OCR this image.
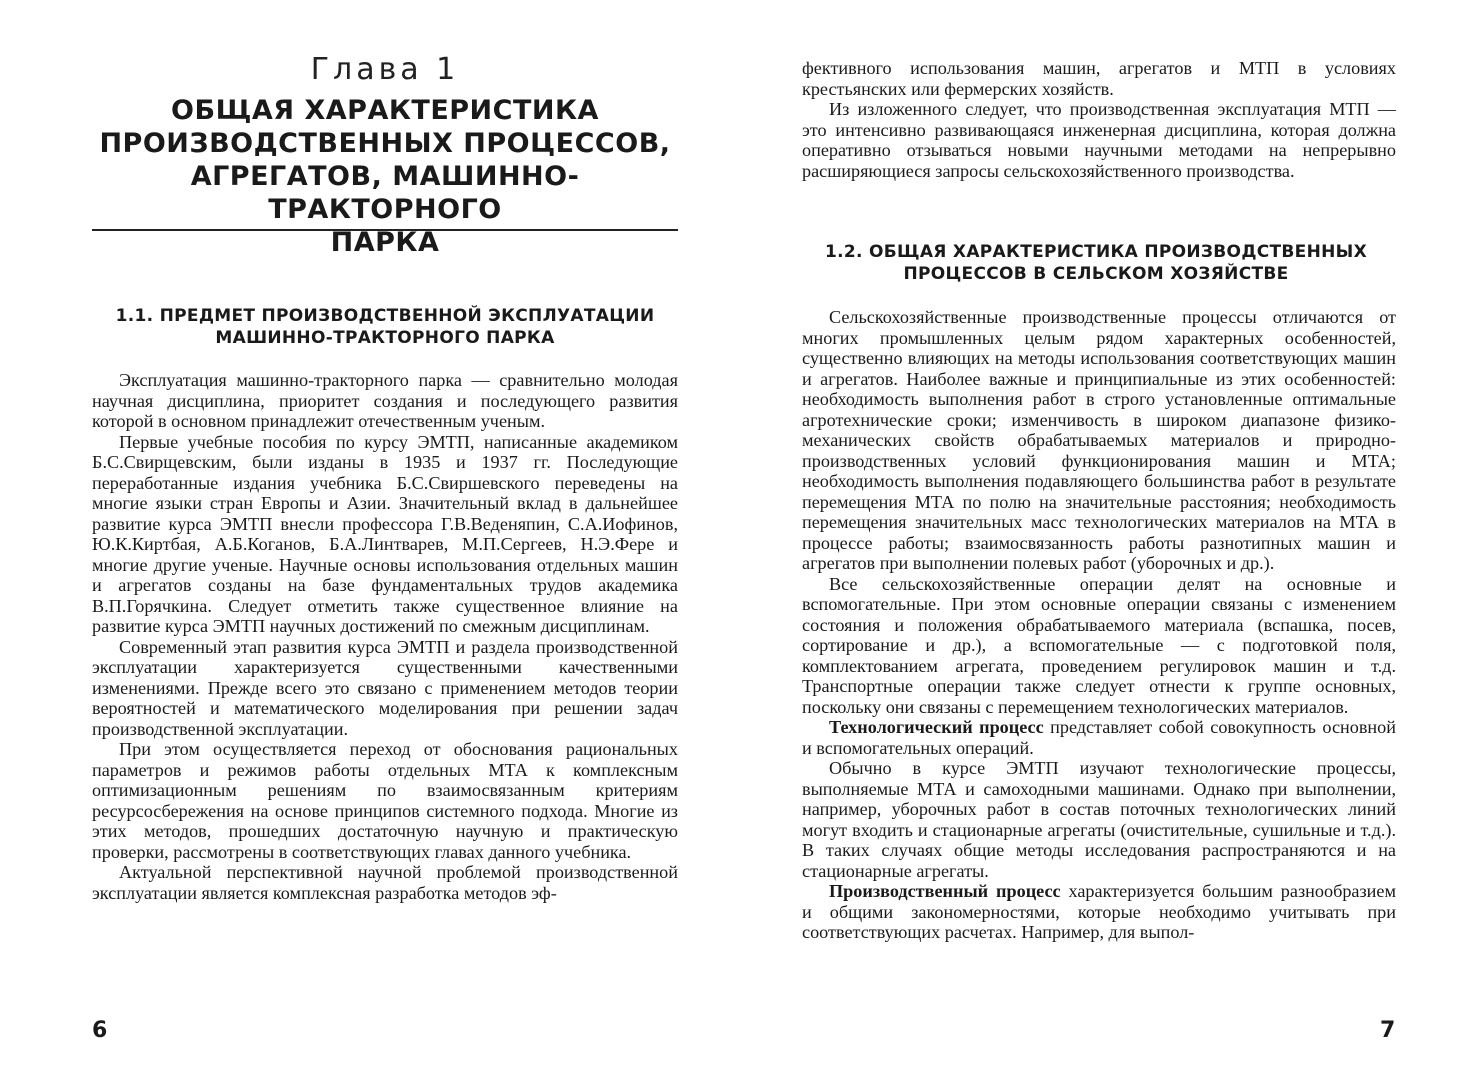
Глава 1
ОБЩАЯ ХАРАКТЕРИСТИКА
ПРОИЗВОДСТВЕННЫХ ПРОЦЕССОВ,
АГРЕГАТОВ, МАШИННО-ТРАКТОРНОГО
ПАРКА
1.1. ПРЕДМЕТ ПРОИЗВОДСТВЕННОЙ ЭКСПЛУАТАЦИИ
МАШИННО-ТРАКТОРНОГО ПАРКА

Эксплуатация машинно-тракторного парка — сравнительно молодая научная дисциплина, приоритет создания и последующего развития которой в основном принадлежит отечественным ученым.

Первые учебные пособия по курсу ЭМТП, написанные академиком Б.С.Свирщевским, были изданы в 1935 и 1937 гг. Последующие переработанные издания учебника Б.С.Свиршевского переведены на многие языки стран Европы и Азии. Значительный вклад в дальнейшее развитие курса ЭМТП внесли профессора Г.В.Веденяпин, С.А.Иофинов, Ю.К.Киртбая, А.Б.Коганов, Б.А.Линтварев, М.П.Сергеев, Н.Э.Фере и многие другие ученые. Научные основы использования отдельных машин и агрегатов созданы на базе фундаментальных трудов академика В.П.Горячкина. Следует отметить также существенное влияние на развитие курса ЭМТП научных достижений по смежным дисциплинам.

Современный этап развития курса ЭМТП и раздела производственной эксплуатации характеризуется существенными качественными изменениями. Прежде всего это связано с применением методов теории вероятностей и математического моделирования при решении задач производственной эксплуатации.

При этом осуществляется переход от обоснования рациональных параметров и режимов работы отдельных МТА к комплексным оптимизационным решениям по взаимосвязанным критериям ресурсосбережения на основе принципов системного подхода. Многие из этих методов, прошедших достаточную научную и практическую проверки, рассмотрены в соответствующих главах данного учебника.

Актуальной перспективной научной проблемой производственной эксплуатации является комплексная разработка методов эф-

6

фективного использования машин, агрегатов и МТП в условиях крестьянских или фермерских хозяйств.

Из изложенного следует, что производственная эксплуатация МТП — это интенсивно развивающаяся инженерная дисциплина, которая должна оперативно отзываться новыми научными методами на непрерывно расширяющиеся запросы сельскохозяйственного производства.

1.2. ОБЩАЯ ХАРАКТЕРИСТИКА ПРОИЗВОДСТВЕННЫХ
ПРОЦЕССОВ В СЕЛЬСКОМ ХОЗЯЙСТВЕ

Сельскохозяйственные производственные процессы отличаются от многих промышленных целым рядом характерных особенностей, существенно влияющих на методы использования соответствующих машин и агрегатов. Наиболее важные и принципиальные из этих особенностей: необходимость выполнения работ в строго установленные оптимальные агротехнические сроки; изменчивость в широком диапазоне физико-механических свойств обрабатываемых материалов и природно-производственных условий функционирования машин и МТА; необходимость выполнения подавляющего большинства работ в результате перемещения МТА по полю на значительные расстояния; необходимость перемещения значительных масс технологических материалов на МТА в процессе работы; взаимосвязанность работы разнотипных машин и агрегатов при выполнении полевых работ (уборочных и др.).

Все сельскохозяйственные операции делят на основные и вспомогательные. При этом основные операции связаны с изменением состояния и положения обрабатываемого материала (вспашка, посев, сортирование и др.), а вспомогательные — с подготовкой поля, комплектованием агрегата, проведением регулировок машин и т.д. Транспортные операции также следует отнести к группе основных, поскольку они связаны с перемещением технологических материалов.

Технологический процесс представляет собой совокупность основной и вспомогательных операций.

Обычно в курсе ЭМТП изучают технологические процессы, выполняемые МТА и самоходными машинами. Однако при выполнении, например, уборочных работ в состав поточных технологических линий могут входить и стационарные агрегаты (очистительные, сушильные и т.д.). В таких случаях общие методы исследования распространяются и на стационарные агрегаты.

Производственный процесс характеризуется большим разнообразием и общими закономерностями, которые необходимо учитывать при соответствующих расчетах. Например, для выпол-

7
